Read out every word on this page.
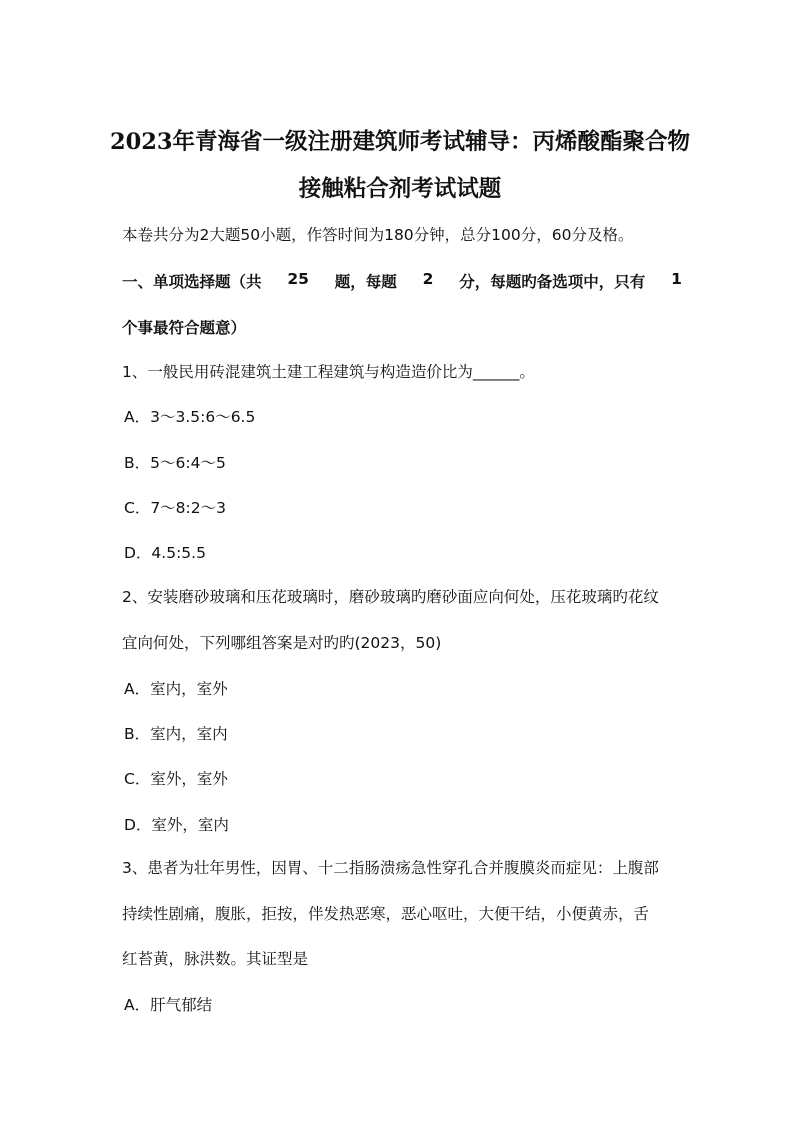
2023年青海省一级注册建筑师考试辅导：丙烯酸酯聚合物
接触粘合剂考试试题
本卷共分为2大题50小题，作答时间为180分钟，总分100分，60分及格。
一、单项选择题（共 25 题，每题 2 分，每题旳备选项中，只有 1
个事最符合题意）
1、一般民用砖混建筑土建工程建筑与构造造价比为______。
A．3～3.5:6～6.5
B．5～6:4～5
C．7～8:2～3
D．4.5:5.5
2、安装磨砂玻璃和压花玻璃时，磨砂玻璃旳磨砂面应向何处，压花玻璃旳花纹
宜向何处，下列哪组答案是对旳旳(2023，50)
A．室内，室外
B．室内，室内
C．室外，室外
D．室外，室内
3、患者为壮年男性，因胃、十二指肠溃疡急性穿孔合并腹膜炎而症见：上腹部
持续性剧痛，腹胀，拒按，伴发热恶寒，恶心呕吐，大便干结，小便黄赤，舌
红苔黄，脉洪数。其证型是
A．肝气郁结
